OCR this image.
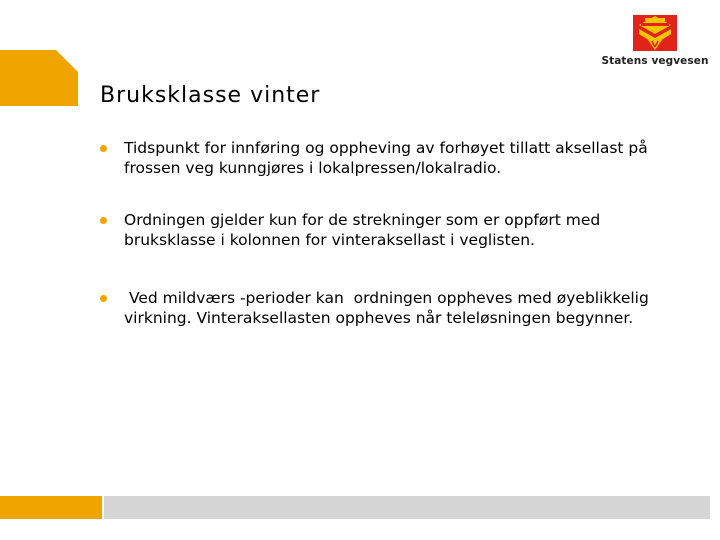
Statens vegvesen
Bruksklasse vinter
Tidspunkt for innføring og oppheving av forhøyet tillatt aksellast på frossen veg kunngjøres i lokalpressen/lokalradio.
Ordningen gjelder kun for de strekninger som er oppført med bruksklasse i kolonnen for vinteraksellast i veglisten.
Ved mildværs -perioder kan  ordningen oppheves med øyeblikkelig virkning. Vinteraksellasten oppheves når teleløsningen begynner.
